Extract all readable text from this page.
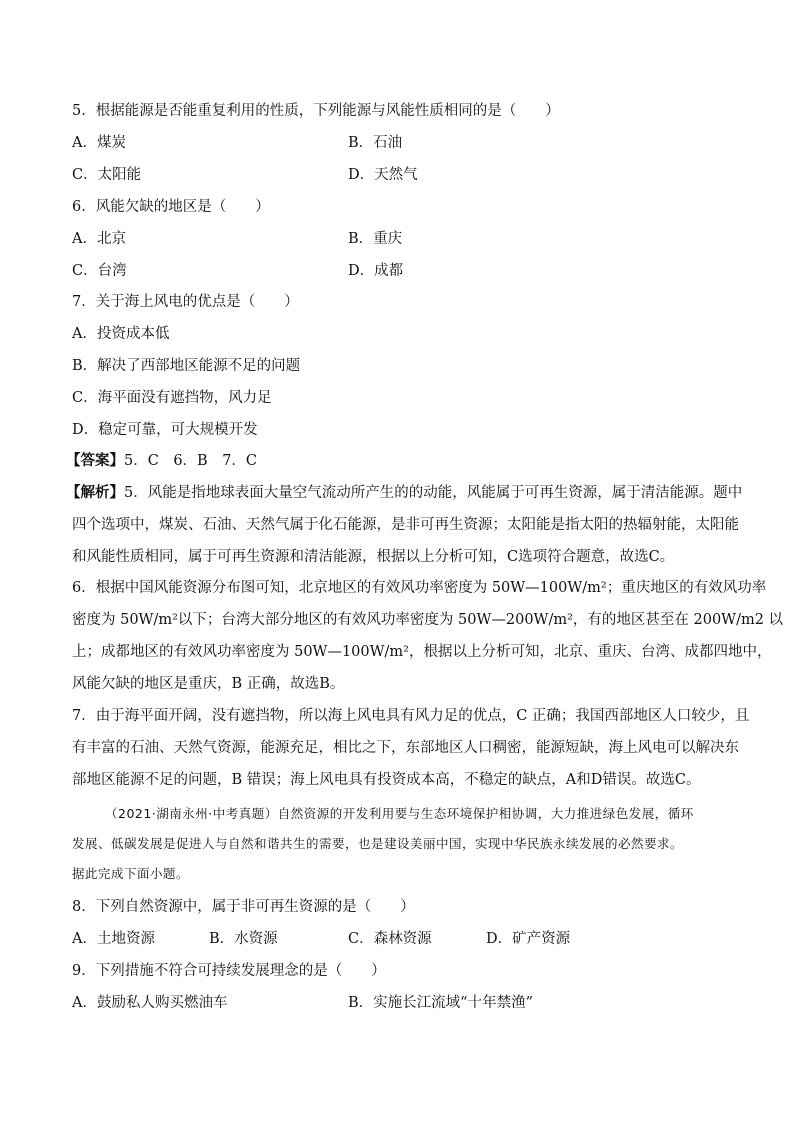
5．根据能源是否能重复利用的性质，下列能源与风能性质相同的是（　　）
A．煤炭	B．石油
C．太阳能	D．天然气
6．风能欠缺的地区是（　　）
A．北京	B．重庆
C．台湾	D．成都
7．关于海上风电的优点是（　　）
A．投资成本低
B．解决了西部地区能源不足的问题
C．海平面没有遮挡物，风力足
D．稳定可靠，可大规模开发
【答案】5．C　6．B　7．C
【解析】5．风能是指地球表面大量空气流动所产生的的动能，风能属于可再生资源，属于清洁能源。题中
四个选项中，煤炭、石油、天然气属于化石能源，是非可再生资源；太阳能是指太阳的热辐射能，太阳能
和风能性质相同，属于可再生资源和清洁能源，根据以上分析可知，C选项符合题意，故选C。
6．根据中国风能资源分布图可知，北京地区的有效风功率密度为 50W—100W/m²；重庆地区的有效风功率
密度为 50W/m²以下；台湾大部分地区的有效风功率密度为 50W—200W/m²，有的地区甚至在 200W/m2 以
上；成都地区的有效风功率密度为 50W—100W/m²，根据以上分析可知，北京、重庆、台湾、成都四地中，
风能欠缺的地区是重庆，B 正确，故选B。
7．由于海平面开阔，没有遮挡物，所以海上风电具有风力足的优点，C 正确；我国西部地区人口较少，且
有丰富的石油、天然气资源，能源充足，相比之下，东部地区人口稠密，能源短缺，海上风电可以解决东
部地区能源不足的问题，B 错误；海上风电具有投资成本高，不稳定的缺点，A和D错误。故选C。
（2021·湖南永州·中考真题）自然资源的开发利用要与生态环境保护相协调，大力推进绿色发展，循环
发展、低碳发展是促进人与自然和谐共生的需要，也是建设美丽中国，实现中华民族永续发展的必然要求。
据此完成下面小题。
8．下列自然资源中，属于非可再生资源的是（　　）
A．土地资源	B．水资源	C．森林资源	D．矿产资源
9．下列措施不符合可持续发展理念的是（　　）
A．鼓励私人购买燃油车	B．实施长江流域“十年禁渔”
